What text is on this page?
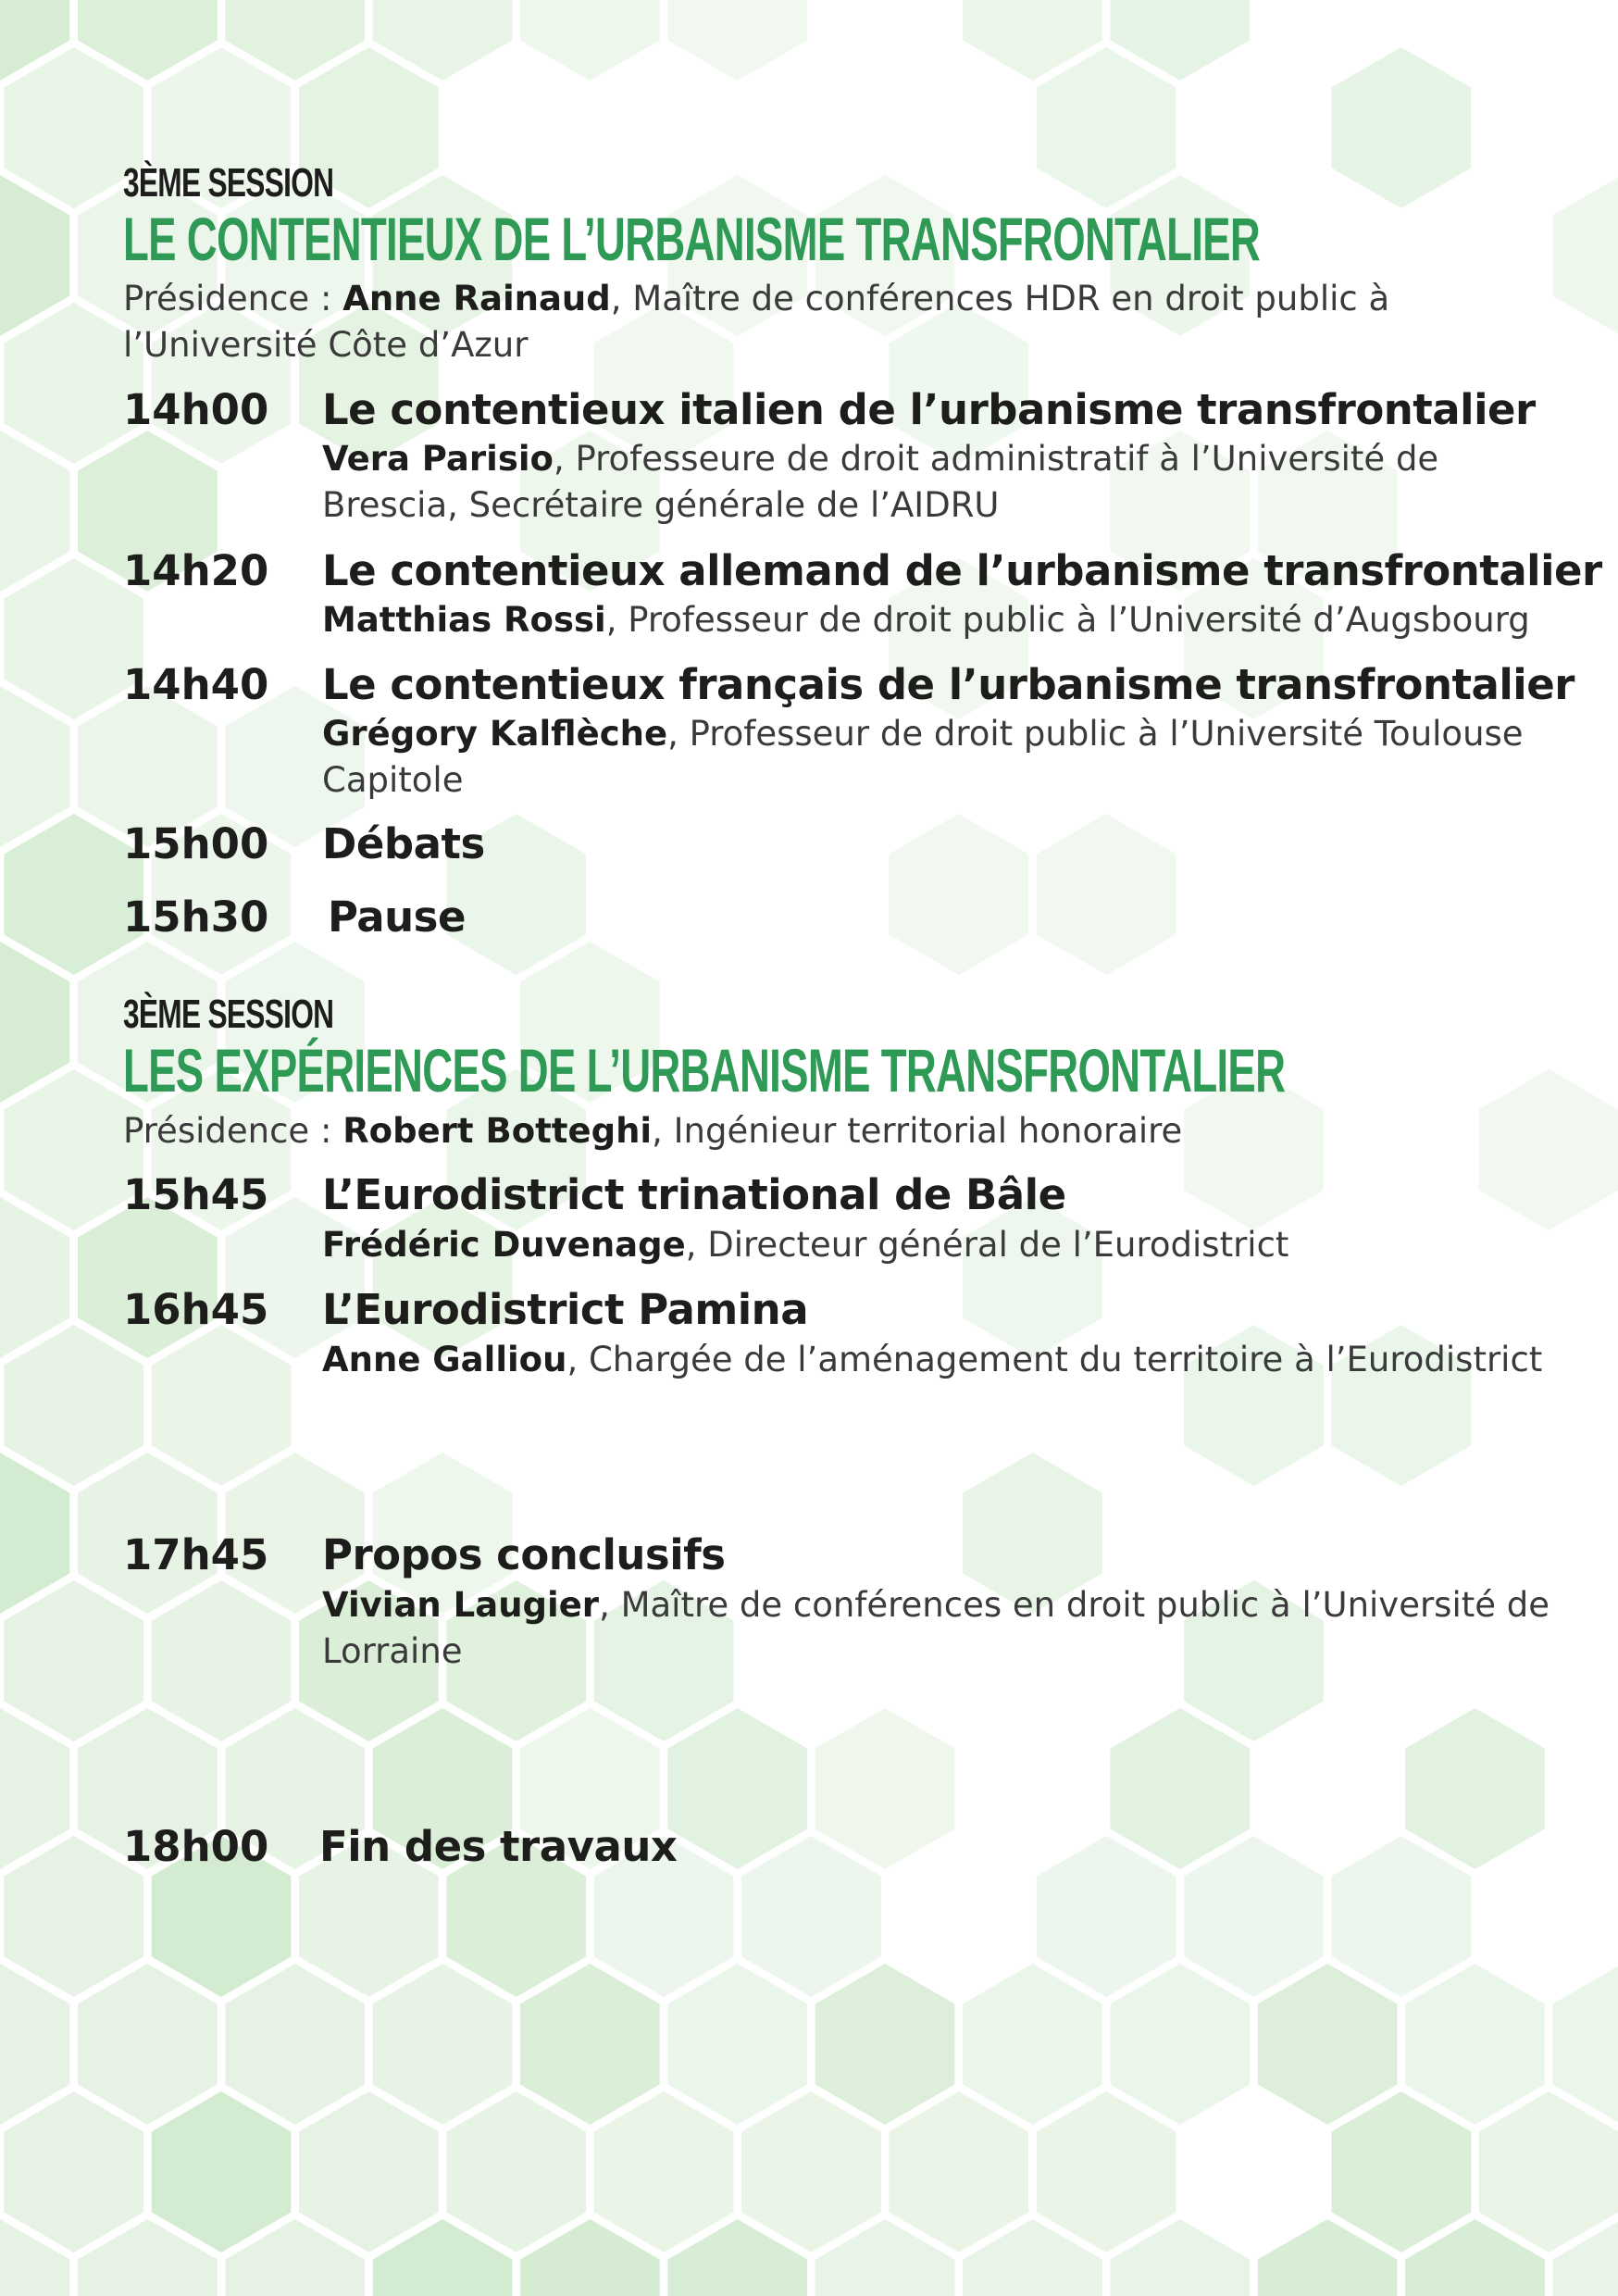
3ÈME SESSION
LE CONTENTIEUX DE L’URBANISME TRANSFRONTALIER
Présidence : Anne Rainaud, Maître de conférences HDR en droit public à l’Université Côte d’Azur
14h00 Le contentieux italien de l’urbanisme transfrontalier
Vera Parisio, Professeure de droit administratif à l’Université de Brescia, Secrétaire générale de l’AIDRU
14h20 Le contentieux allemand de l’urbanisme transfrontalier
Matthias Rossi, Professeur de droit public à l’Université d’Augsbourg
14h40 Le contentieux français de l’urbanisme transfrontalier
Grégory Kalflèche, Professeur de droit public à l’Université Toulouse Capitole
15h00 Débats
15h30 Pause
3ÈME SESSION
LES EXPÉRIENCES DE L’URBANISME TRANSFRONTALIER
Présidence : Robert Botteghi, Ingénieur territorial honoraire
15h45 L’Eurodistrict trinational de Bâle
Frédéric Duvenage, Directeur général de l’Eurodistrict
16h45 L’Eurodistrict Pamina
Anne Galliou, Chargée de l’aménagement du territoire à l’Eurodistrict
17h45 Propos conclusifs
Vivian Laugier, Maître de conférences en droit public à l’Université de Lorraine
18h00 Fin des travaux
